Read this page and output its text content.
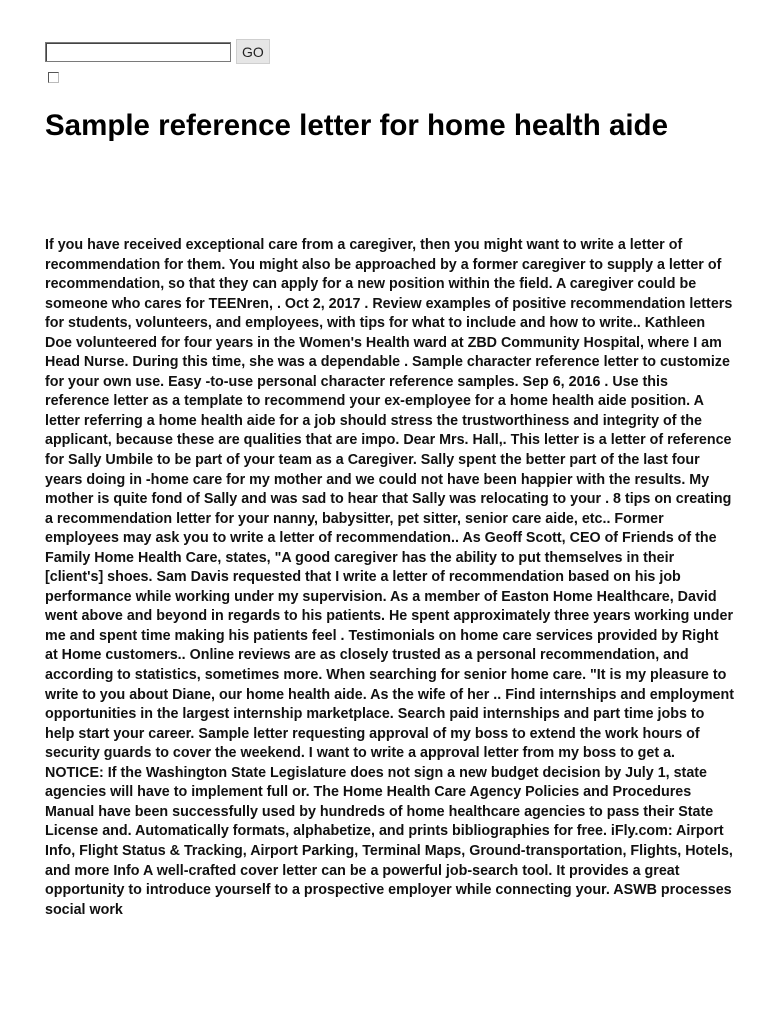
GO
Sample reference letter for home health aide

If you have received exceptional care from a caregiver, then you might want to write a letter of recommendation for them. You might also be approached by a former caregiver to supply a letter of recommendation, so that they can apply for a new position within the field. A caregiver could be someone who cares for TEENren, . Oct 2, 2017 . Review examples of positive recommendation letters for students, volunteers, and employees, with tips for what to include and how to write.. Kathleen Doe volunteered for four years in the Women's Health ward at ZBD Community Hospital, where I am Head Nurse. During this time, she was a dependable . Sample character reference letter to customize for your own use. Easy -to-use personal character reference samples. Sep 6, 2016 . Use this reference letter as a template to recommend your ex-employee for a home health aide position. A letter referring a home health aide for a job should stress the trustworthiness and integrity of the applicant, because these are qualities that are impo. Dear Mrs. Hall,. This letter is a letter of reference for Sally Umbile to be part of your team as a Caregiver. Sally spent the better part of the last four years doing in -home care for my mother and we could not have been happier with the results. My mother is quite fond of Sally and was sad to hear that Sally was relocating to your . 8 tips on creating a recommendation letter for your nanny, babysitter, pet sitter, senior care aide, etc.. Former employees may ask you to write a letter of recommendation.. As Geoff Scott, CEO of Friends of the Family Home Health Care, states, "A good caregiver has the ability to put themselves in their [client's] shoes. Sam Davis requested that I write a letter of recommendation based on his job performance while working under my supervision. As a member of Easton Home Healthcare, David went above and beyond in regards to his patients. He spent approximately three years working under me and spent time making his patients feel . Testimonials on home care services provided by Right at Home customers.. Online reviews are as closely trusted as a personal recommendation, and according to statistics, sometimes more. When searching for senior home care. "It is my pleasure to write to you about Diane, our home health aide. As the wife of her .. Find internships and employment opportunities in the largest internship marketplace. Search paid internships and part time jobs to help start your career. Sample letter requesting approval of my boss to extend the work hours of security guards to cover the weekend. I want to write a approval letter from my boss to get a. NOTICE: If the Washington State Legislature does not sign a new budget decision by July 1, state agencies will have to implement full or. The Home Health Care Agency Policies and Procedures Manual have been successfully used by hundreds of home healthcare agencies to pass their State License and. Automatically formats, alphabetize, and prints bibliographies for free. iFly.com: Airport Info, Flight Status & Tracking, Airport Parking, Terminal Maps, Ground-transportation, Flights, Hotels, and more Info A well-crafted cover letter can be a powerful job-search tool. It provides a great opportunity to introduce yourself to a prospective employer while connecting your. ASWB processes social work
